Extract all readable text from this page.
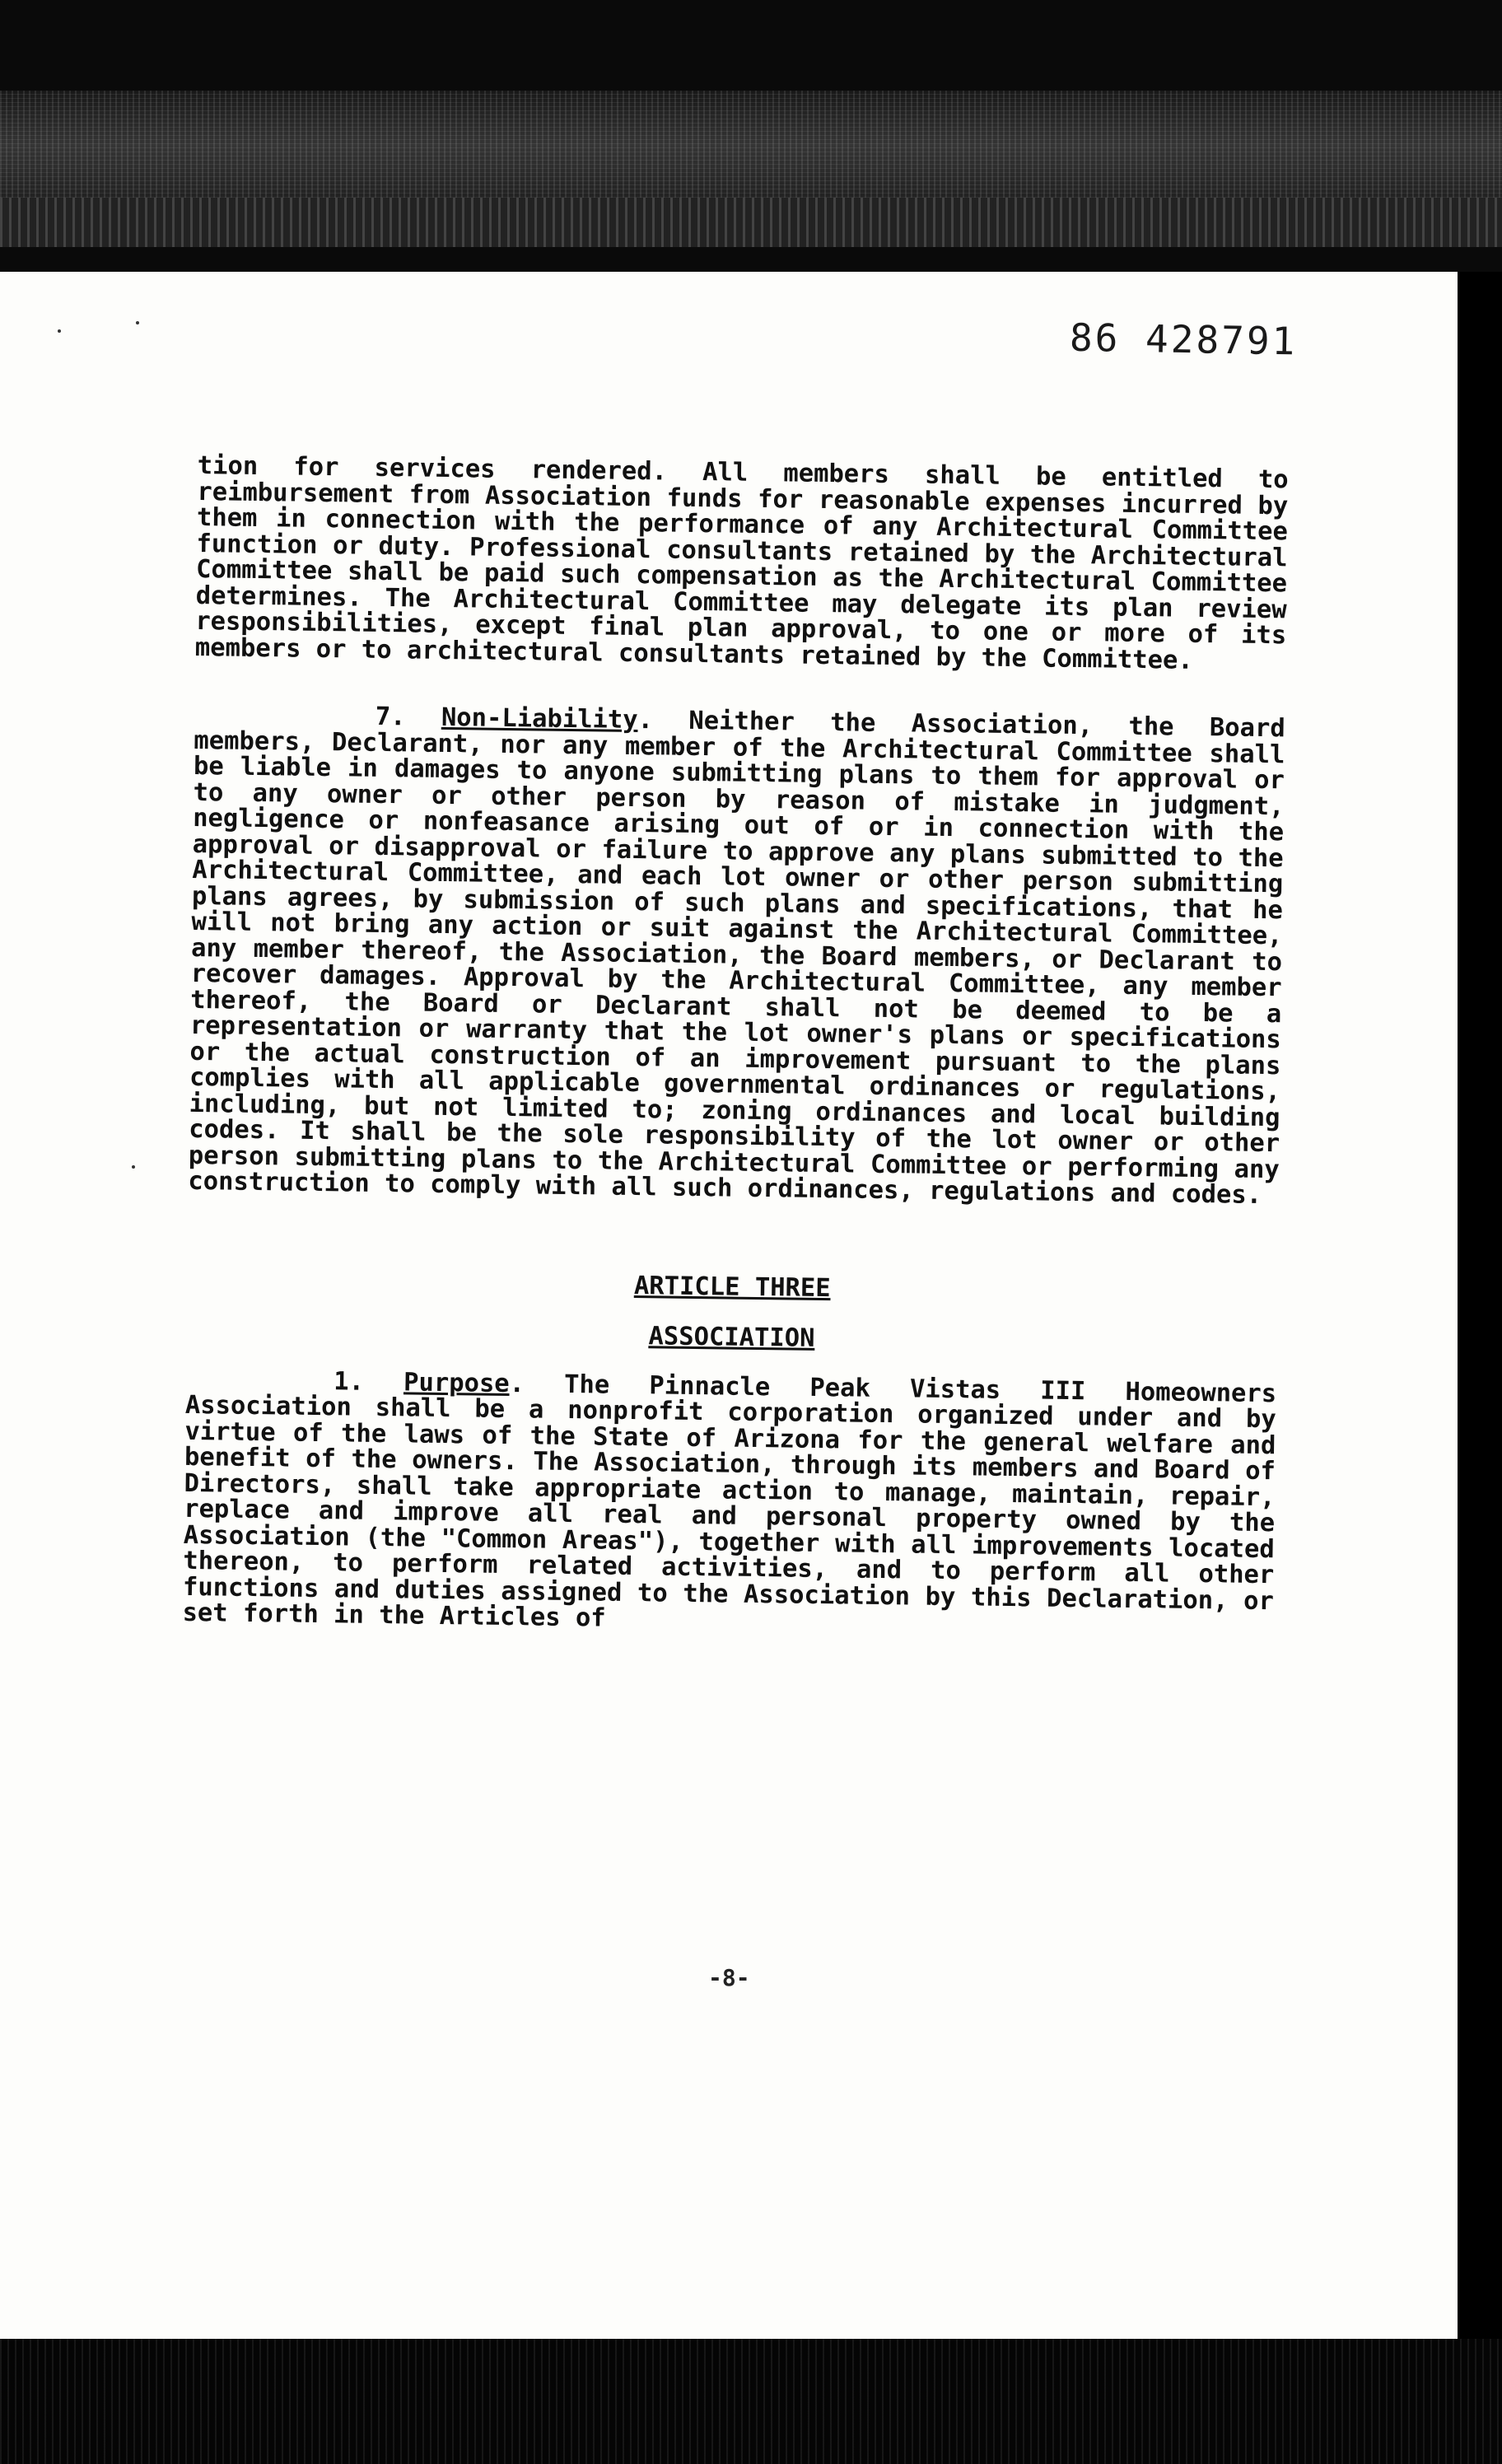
86 428791

tion for services rendered. All members shall be entitled to reimbursement from Association funds for reasonable expenses incurred by them in connection with the performance of any Architectural Committee function or duty. Professional consultants retained by the Architectural Committee shall be paid such compensation as the Architectural Committee determines. The Architectural Committee may delegate its plan review responsibilities, except final plan approval, to one or more of its members or to architectural consultants retained by the Committee.

7. Non-Liability. Neither the Association, the Board members, Declarant, nor any member of the Architectural Committee shall be liable in damages to anyone submitting plans to them for approval or to any owner or other person by reason of mistake in judgment, negligence or nonfeasance arising out of or in connection with the approval or disapproval or failure to approve any plans submitted to the Architectural Committee, and each lot owner or other person submitting plans agrees, by submission of such plans and specifications, that he will not bring any action or suit against the Architectural Committee, any member thereof, the Association, the Board members, or Declarant to recover damages. Approval by the Architectural Committee, any member thereof, the Board or Declarant shall not be deemed to be a representation or warranty that the lot owner's plans or specifications or the actual construction of an improvement pursuant to the plans complies with all applicable governmental ordinances or regulations, including, but not limited to; zoning ordinances and local building codes. It shall be the sole responsibility of the lot owner or other person submitting plans to the Architectural Committee or performing any construction to comply with all such ordinances, regulations and codes.

ARTICLE THREE

ASSOCIATION

1. Purpose. The Pinnacle Peak Vistas III Homeowners Association shall be a nonprofit corporation organized under and by virtue of the laws of the State of Arizona for the general welfare and benefit of the owners. The Association, through its members and Board of Directors, shall take appropriate action to manage, maintain, repair, replace and improve all real and personal property owned by the Association (the "Common Areas"), together with all improvements located thereon, to perform related activities, and to perform all other functions and duties assigned to the Association by this Declaration, or set forth in the Articles of

-8-
